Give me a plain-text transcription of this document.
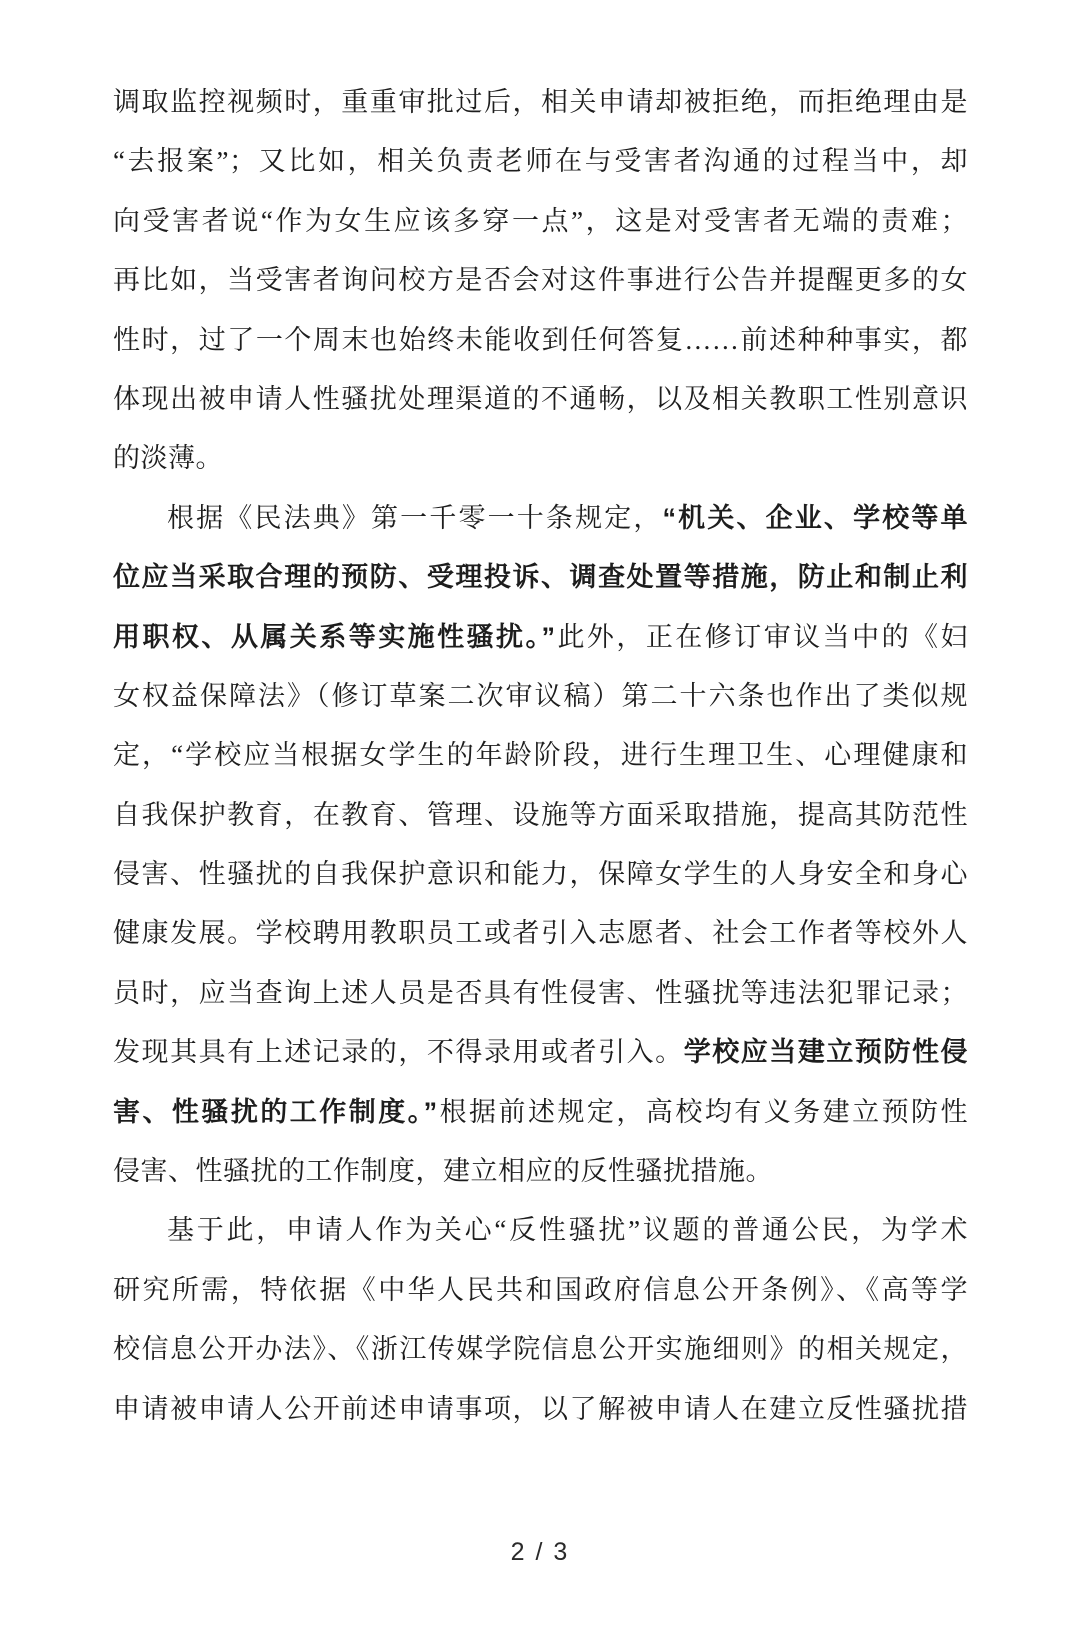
调取监控视频时，重重审批过后，相关申请却被拒绝，而拒绝理由是
“去报案”；又比如，相关负责老师在与受害者沟通的过程当中，却
向受害者说“作为女生应该多穿一点”，这是对受害者无端的责难；
再比如，当受害者询问校方是否会对这件事进行公告并提醒更多的女
性时，过了一个周末也始终未能收到任何答复……前述种种事实，都
体现出被申请人性骚扰处理渠道的不通畅，以及相关教职工性别意识
的淡薄。
根据《民法典》第一千零一十条规定，“机关、企业、学校等单
位应当采取合理的预防、受理投诉、调查处置等措施，防止和制止利
用职权、从属关系等实施性骚扰。”此外，正在修订审议当中的《妇
女权益保障法》（修订草案二次审议稿）第二十六条也作出了类似规
定，“学校应当根据女学生的年龄阶段，进行生理卫生、心理健康和
自我保护教育，在教育、管理、设施等方面采取措施，提高其防范性
侵害、性骚扰的自我保护意识和能力，保障女学生的人身安全和身心
健康发展。学校聘用教职员工或者引入志愿者、社会工作者等校外人
员时，应当查询上述人员是否具有性侵害、性骚扰等违法犯罪记录；
发现其具有上述记录的，不得录用或者引入。学校应当建立预防性侵
害、性骚扰的工作制度。”根据前述规定，高校均有义务建立预防性
侵害、性骚扰的工作制度，建立相应的反性骚扰措施。
基于此，申请人作为关心“反性骚扰”议题的普通公民，为学术
研究所需，特依据《中华人民共和国政府信息公开条例》、《高等学
校信息公开办法》、《浙江传媒学院信息公开实施细则》的相关规定，
申请被申请人公开前述申请事项，以了解被申请人在建立反性骚扰措
2 / 3
